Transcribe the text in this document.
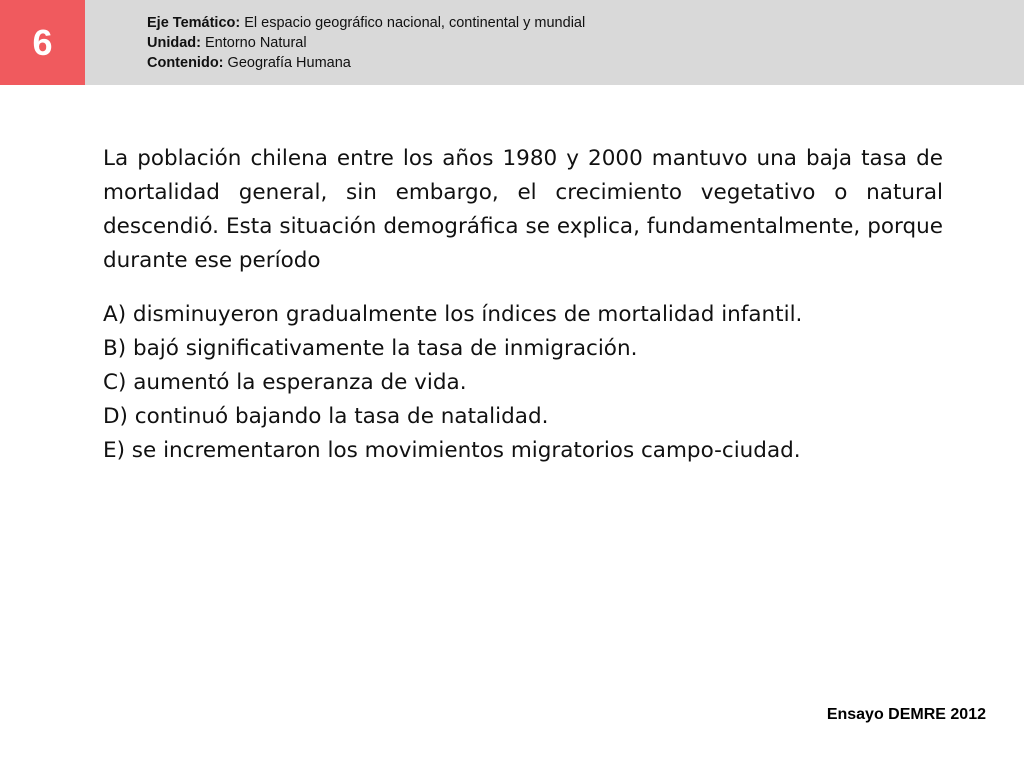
6	Eje Temático: El espacio geográfico nacional, continental y mundial
Unidad: Entorno Natural
Contenido: Geografía Humana

La población chilena entre los años 1980 y 2000 mantuvo una baja tasa de mortalidad general, sin embargo, el crecimiento vegetativo o natural descendió. Esta situación demográfica se explica, fundamentalmente, porque durante ese período

A) disminuyeron gradualmente los índices de mortalidad infantil.

B) bajó significativamente la tasa de inmigración.

C) aumentó la esperanza de vida.

D) continuó bajando la tasa de natalidad.

E) se incrementaron los movimientos migratorios campo-ciudad.

Ensayo DEMRE 2012
